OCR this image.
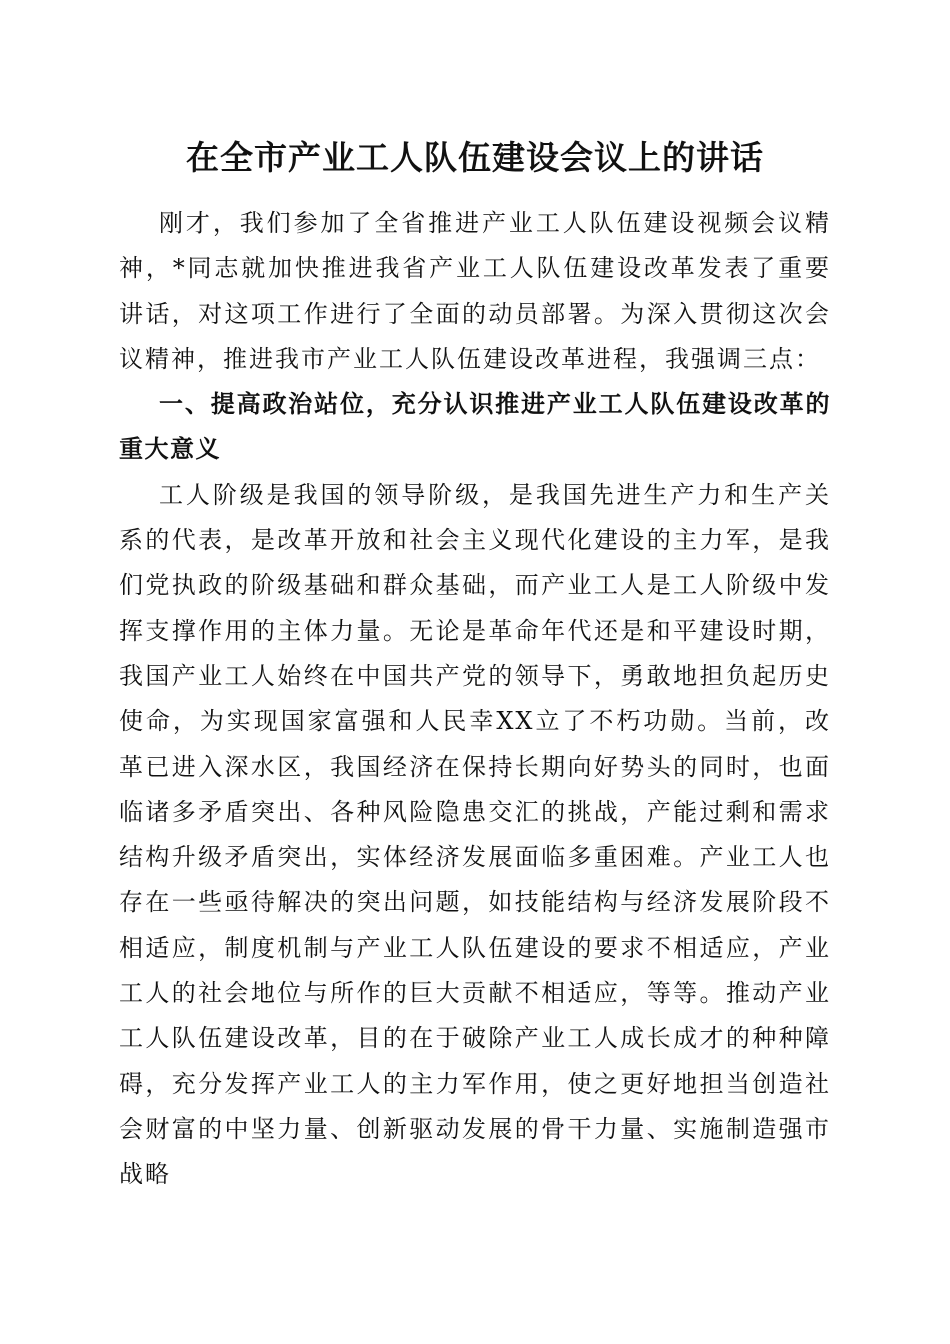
在全市产业工人队伍建设会议上的讲话

刚才，我们参加了全省推进产业工人队伍建设视频会议精神，*同志就加快推进我省产业工人队伍建设改革发表了重要讲话，对这项工作进行了全面的动员部署。为深入贯彻这次会议精神，推进我市产业工人队伍建设改革进程，我强调三点：

一、提高政治站位，充分认识推进产业工人队伍建设改革的重大意义

工人阶级是我国的领导阶级，是我国先进生产力和生产关系的代表，是改革开放和社会主义现代化建设的主力军，是我们党执政的阶级基础和群众基础，而产业工人是工人阶级中发挥支撑作用的主体力量。无论是革命年代还是和平建设时期，我国产业工人始终在中国共产党的领导下，勇敢地担负起历史使命，为实现国家富强和人民幸XX立了不朽功勋。当前，改革已进入深水区，我国经济在保持长期向好势头的同时，也面临诸多矛盾突出、各种风险隐患交汇的挑战，产能过剩和需求结构升级矛盾突出，实体经济发展面临多重困难。产业工人也存在一些亟待解决的突出问题，如技能结构与经济发展阶段不相适应，制度机制与产业工人队伍建设的要求不相适应，产业工人的社会地位与所作的巨大贡献不相适应，等等。推动产业工人队伍建设改革，目的在于破除产业工人成长成才的种种障碍，充分发挥产业工人的主力军作用，使之更好地担当创造社会财富的中坚力量、创新驱动发展的骨干力量、实施制造强市战略
